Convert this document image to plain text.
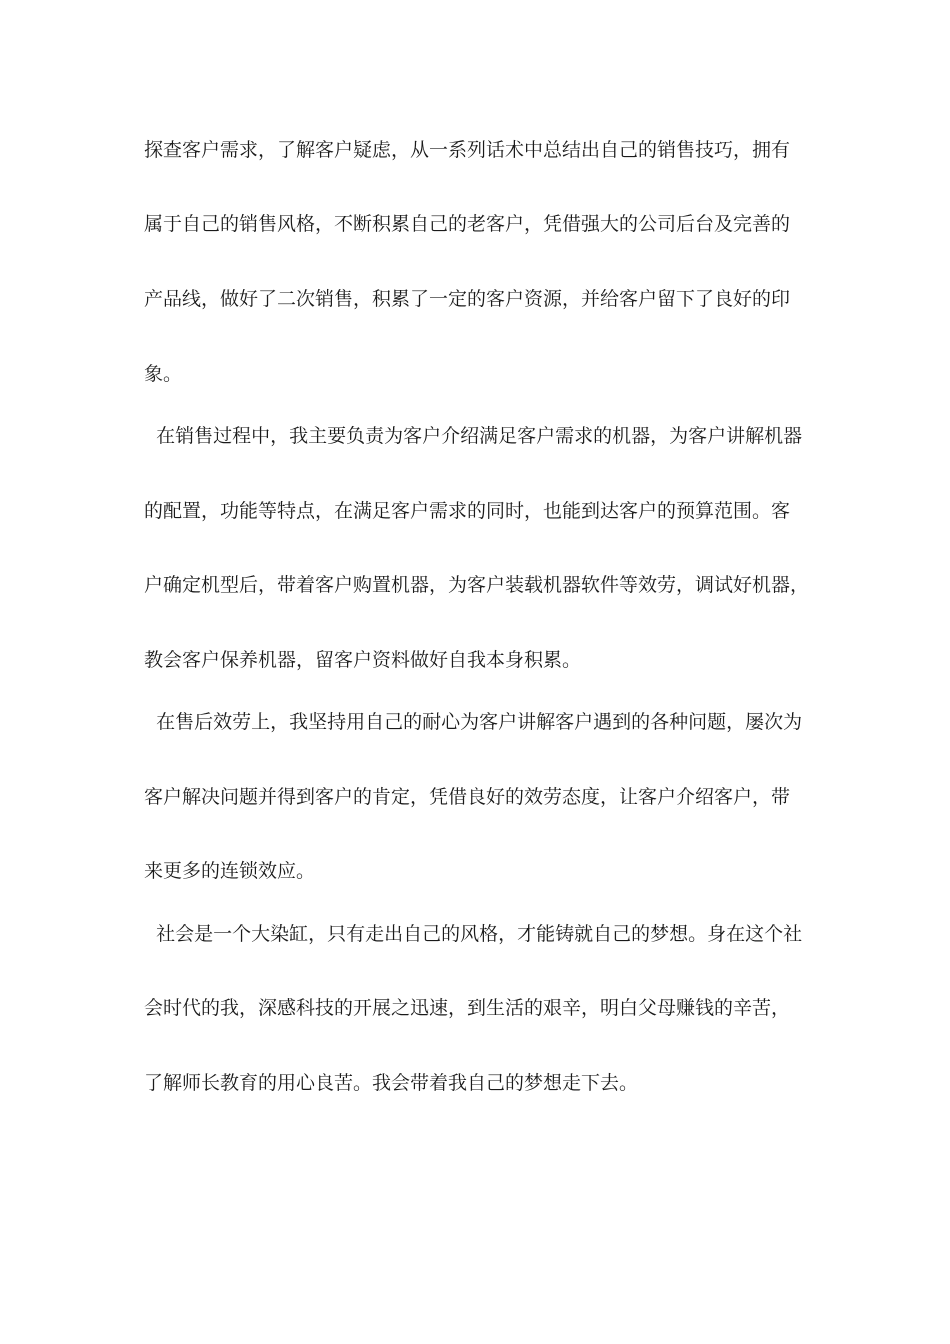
探查客户需求，了解客户疑虑，从一系列话术中总结出自己的销售技巧，拥有
属于自己的销售风格，不断积累自己的老客户，凭借强大的公司后台及完善的
产品线，做好了二次销售，积累了一定的客户资源，并给客户留下了良好的印
象。
在销售过程中，我主要负责为客户介绍满足客户需求的机器，为客户讲解机器
的配置，功能等特点，在满足客户需求的同时，也能到达客户的预算范围。客
户确定机型后，带着客户购置机器，为客户装载机器软件等效劳，调试好机器，
教会客户保养机器，留客户资料做好自我本身积累。
在售后效劳上，我坚持用自己的耐心为客户讲解客户遇到的各种问题，屡次为
客户解决问题并得到客户的肯定，凭借良好的效劳态度，让客户介绍客户，带
来更多的连锁效应。
社会是一个大染缸，只有走出自己的风格，才能铸就自己的梦想。身在这个社
会时代的我，深感科技的开展之迅速，到生活的艰辛，明白父母赚钱的辛苦，
了解师长教育的用心良苦。我会带着我自己的梦想走下去。
